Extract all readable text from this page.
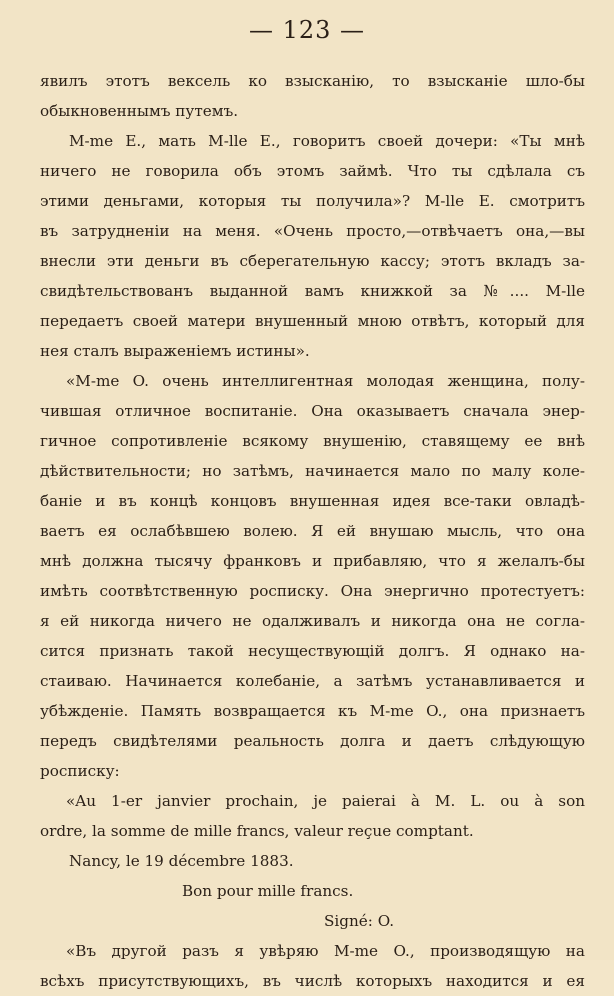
— 123 —
явилъ этотъ вексель ко взысканію, то взысканіе шло-бы
обыкновеннымъ путемъ.
M-me E., мать M-lle E., говоритъ своей дочери: «Ты мнѣ
ничего не говорила объ этомъ займѣ. Что ты сдѣлала съ
этими деньгами, которыя ты получила»? M-lle E. смотритъ
въ затрудненіи на меня. «Очень просто,—отвѣчаетъ она,—вы
внесли эти деньги въ сберегательную кассу; этотъ вкладъ за-
свидѣтельствованъ выданной вамъ книжкой за №.... M-lle
передаетъ своей матери внушенный мною отвѣтъ, который для
нея сталъ выраженіемъ истины».
«M-me O. очень интеллигентная молодая женщина, полу-
чившая отличное воспитаніе. Она оказываетъ сначала энер-
гичное сопротивленіе всякому внушенію, ставящему ее внѣ
дѣйствительности; но затѣмъ, начинается мало по малу коле-
баніе и въ концѣ концовъ внушенная идея все-таки овладѣ-
ваетъ ея ослабѣвшею волею. Я ей внушаю мысль, что она
мнѣ должна тысячу франковъ и прибавляю, что я желалъ-бы
имѣть соотвѣтственную росписку. Она энергично протестуетъ:
я ей никогда ничего не одалживалъ и никогда она не согла-
сится признать такой несуществующій долгъ. Я однако на-
стаиваю. Начинается колебаніе, а затѣмъ устанавливается и
убѣжденіе. Память возвращается къ M-me O., она признаетъ
передъ свидѣтелями реальность долга и даетъ слѣдующую
росписку:
«Au 1-er janvier prochain, je paierai à M. L. ou à son
ordre, la somme de mille francs, valeur reçue comptant.
Nancy, le 19 décembre 1883.
Bon pour mille francs.
Signé: O.
«Въ другой разъ я увѣряю M-me O., производящую на
всѣхъ присутствующихъ, въ числѣ которыхъ находится и ея
